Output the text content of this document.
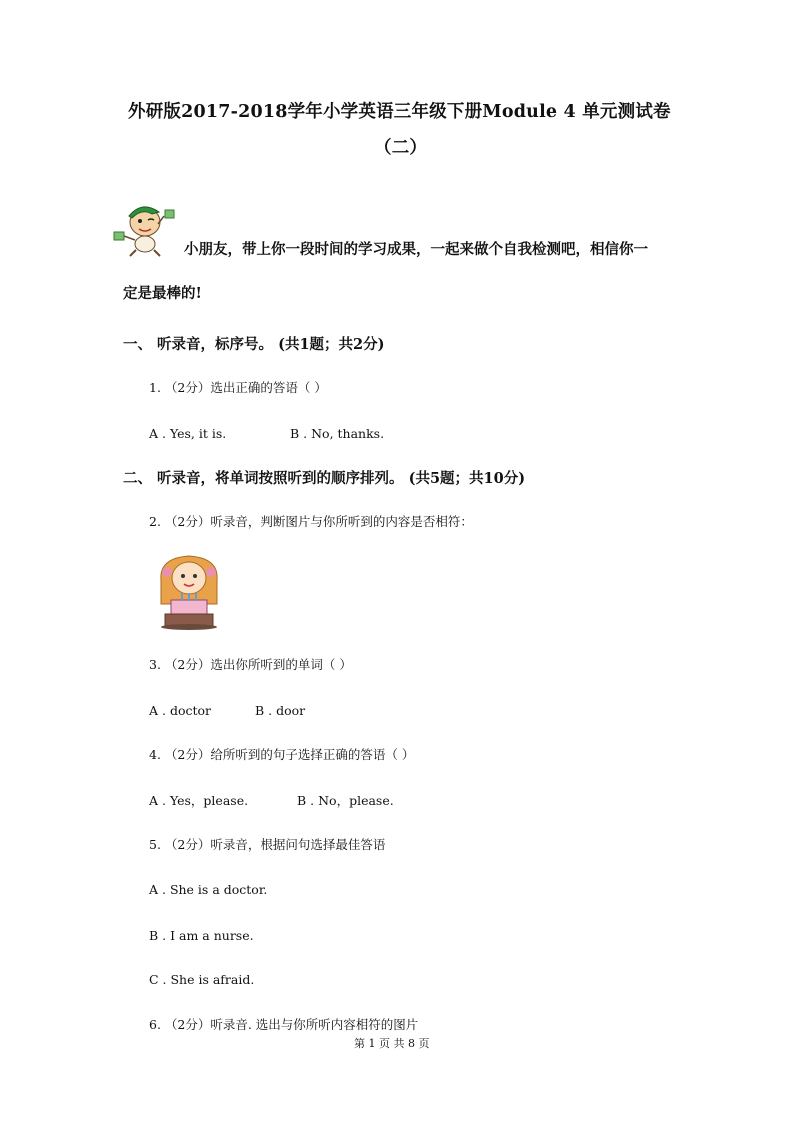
外研版2017-2018学年小学英语三年级下册Module 4 单元测试卷
（二）
小朋友，带上你一段时间的学习成果，一起来做个自我检测吧，相信你一
定是最棒的!
一、 听录音，标序号。 (共1题；共2分)
1. （2分）选出正确的答语（ ）
A . Yes, it is.	B . No, thanks.
二、 听录音，将单词按照听到的顺序排列。 (共5题；共10分)
2. （2分）听录音，判断图片与你所听到的内容是否相符：
3. （2分）选出你所听到的单词（ ）
A . doctor	B . door
4. （2分）给所听到的句子选择正确的答语（ ）
A . Yes，please.	B . No，please.
5. （2分）听录音，根据问句选择最佳答语
A . She is a doctor.
B . I am a nurse.
C . She is afraid.
6. （2分）听录音. 选出与你所听内容相符的图片
第 1 页 共 8 页
